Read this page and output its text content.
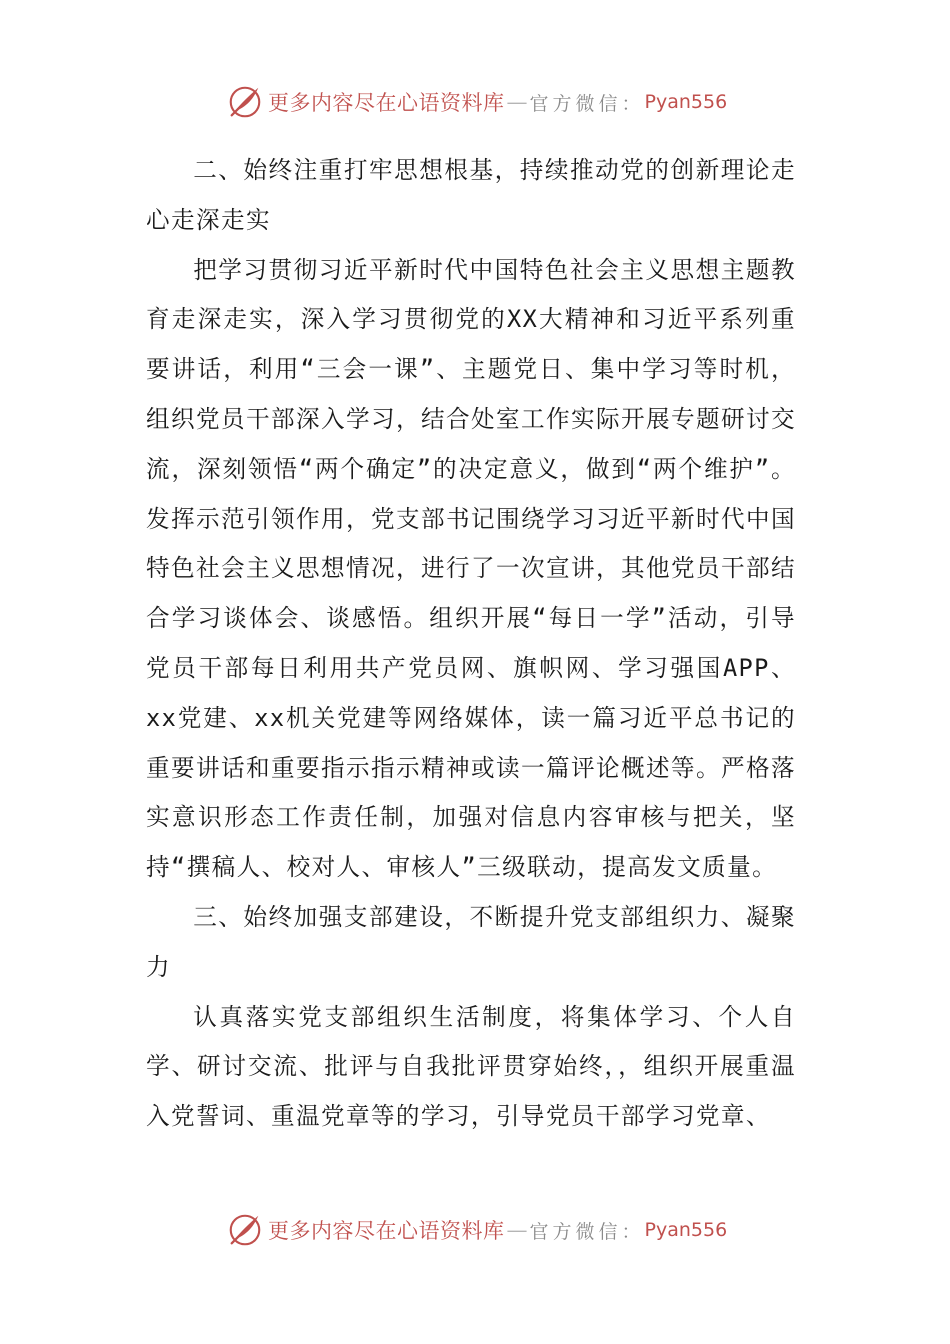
更多内容尽在心语资料库 — 官方微信： Pyan556

二、始终注重打牢思想根基，持续推动党的创新理论走心走深走实

把学习贯彻习近平新时代中国特色社会主义思想主题教育走深走实，深入学习贯彻党的XX大精神和习近平系列重要讲话，利用“三会一课”、主题党日、集中学习等时机，组织党员干部深入学习，结合处室工作实际开展专题研讨交流，深刻领悟“两个确定”的决定意义，做到“两个维护”。发挥示范引领作用，党支部书记围绕学习习近平新时代中国特色社会主义思想情况，进行了一次宣讲，其他党员干部结合学习谈体会、谈感悟。组织开展“每日一学”活动，引导党员干部每日利用共产党员网、旗帜网、学习强国APP、xx党建、xx机关党建等网络媒体，读一篇习近平总书记的重要讲话和重要指示指示精神或读一篇评论概述等。严格落实意识形态工作责任制，加强对信息内容审核与把关，坚持“撰稿人、校对人、审核人”三级联动，提高发文质量。

三、始终加强支部建设，不断提升党支部组织力、凝聚力

认真落实党支部组织生活制度，将集体学习、个人自学、研讨交流、批评与自我批评贯穿始终，，组织开展重温入党誓词、重温党章等的学习，引导党员干部学习党章、

更多内容尽在心语资料库 — 官方微信： Pyan556
